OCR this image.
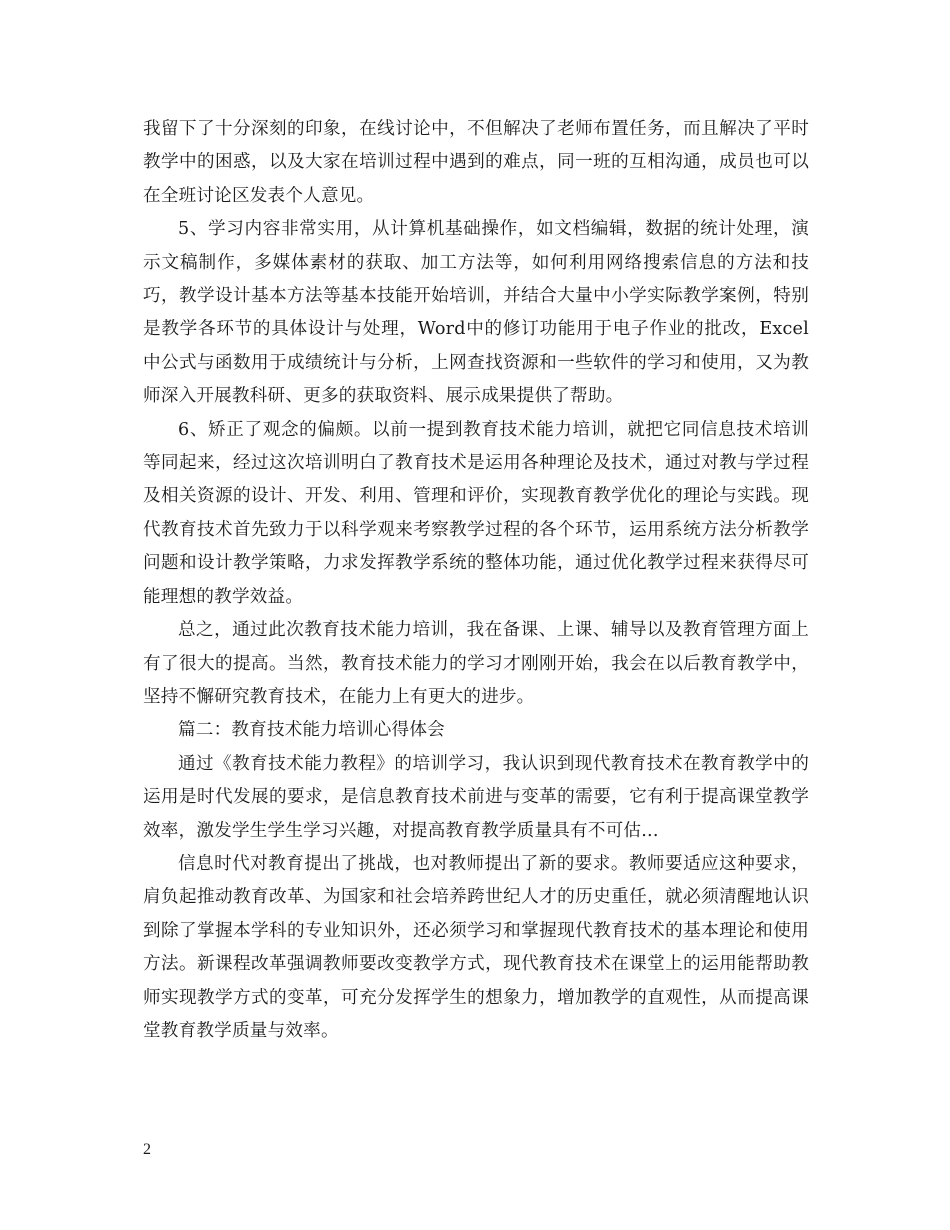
我留下了十分深刻的印象，在线讨论中，不但解决了老师布置任务，而且解决了平时教学中的困惑，以及大家在培训过程中遇到的难点，同一班的互相沟通，成员也可以在全班讨论区发表个人意见。

5、学习内容非常实用，从计算机基础操作，如文档编辑，数据的统计处理，演示文稿制作，多媒体素材的获取、加工方法等，如何利用网络搜索信息的方法和技巧，教学设计基本方法等基本技能开始培训，并结合大量中小学实际教学案例，特别是教学各环节的具体设计与处理，Word中的修订功能用于电子作业的批改，Excel中公式与函数用于成绩统计与分析，上网查找资源和一些软件的学习和使用，又为教师深入开展教科研、更多的获取资料、展示成果提供了帮助。

6、矫正了观念的偏颇。以前一提到教育技术能力培训，就把它同信息技术培训等同起来，经过这次培训明白了教育技术是运用各种理论及技术，通过对教与学过程及相关资源的设计、开发、利用、管理和评价，实现教育教学优化的理论与实践。现代教育技术首先致力于以科学观来考察教学过程的各个环节，运用系统方法分析教学问题和设计教学策略，力求发挥教学系统的整体功能，通过优化教学过程来获得尽可能理想的教学效益。

总之，通过此次教育技术能力培训，我在备课、上课、辅导以及教育管理方面上有了很大的提高。当然，教育技术能力的学习才刚刚开始，我会在以后教育教学中，坚持不懈研究教育技术，在能力上有更大的进步。

篇二：教育技术能力培训心得体会

通过《教育技术能力教程》的培训学习，我认识到现代教育技术在教育教学中的运用是时代发展的要求，是信息教育技术前进与变革的需要，它有利于提高课堂教学效率，激发学生学生学习兴趣，对提高教育教学质量具有不可估...

信息时代对教育提出了挑战，也对教师提出了新的要求。教师要适应这种要求，肩负起推动教育改革、为国家和社会培养跨世纪人才的历史重任，就必须清醒地认识到除了掌握本学科的专业知识外，还必须学习和掌握现代教育技术的基本理论和使用方法。新课程改革强调教师要改变教学方式，现代教育技术在课堂上的运用能帮助教师实现教学方式的变革，可充分发挥学生的想象力，增加教学的直观性，从而提高课堂教育教学质量与效率。

2
